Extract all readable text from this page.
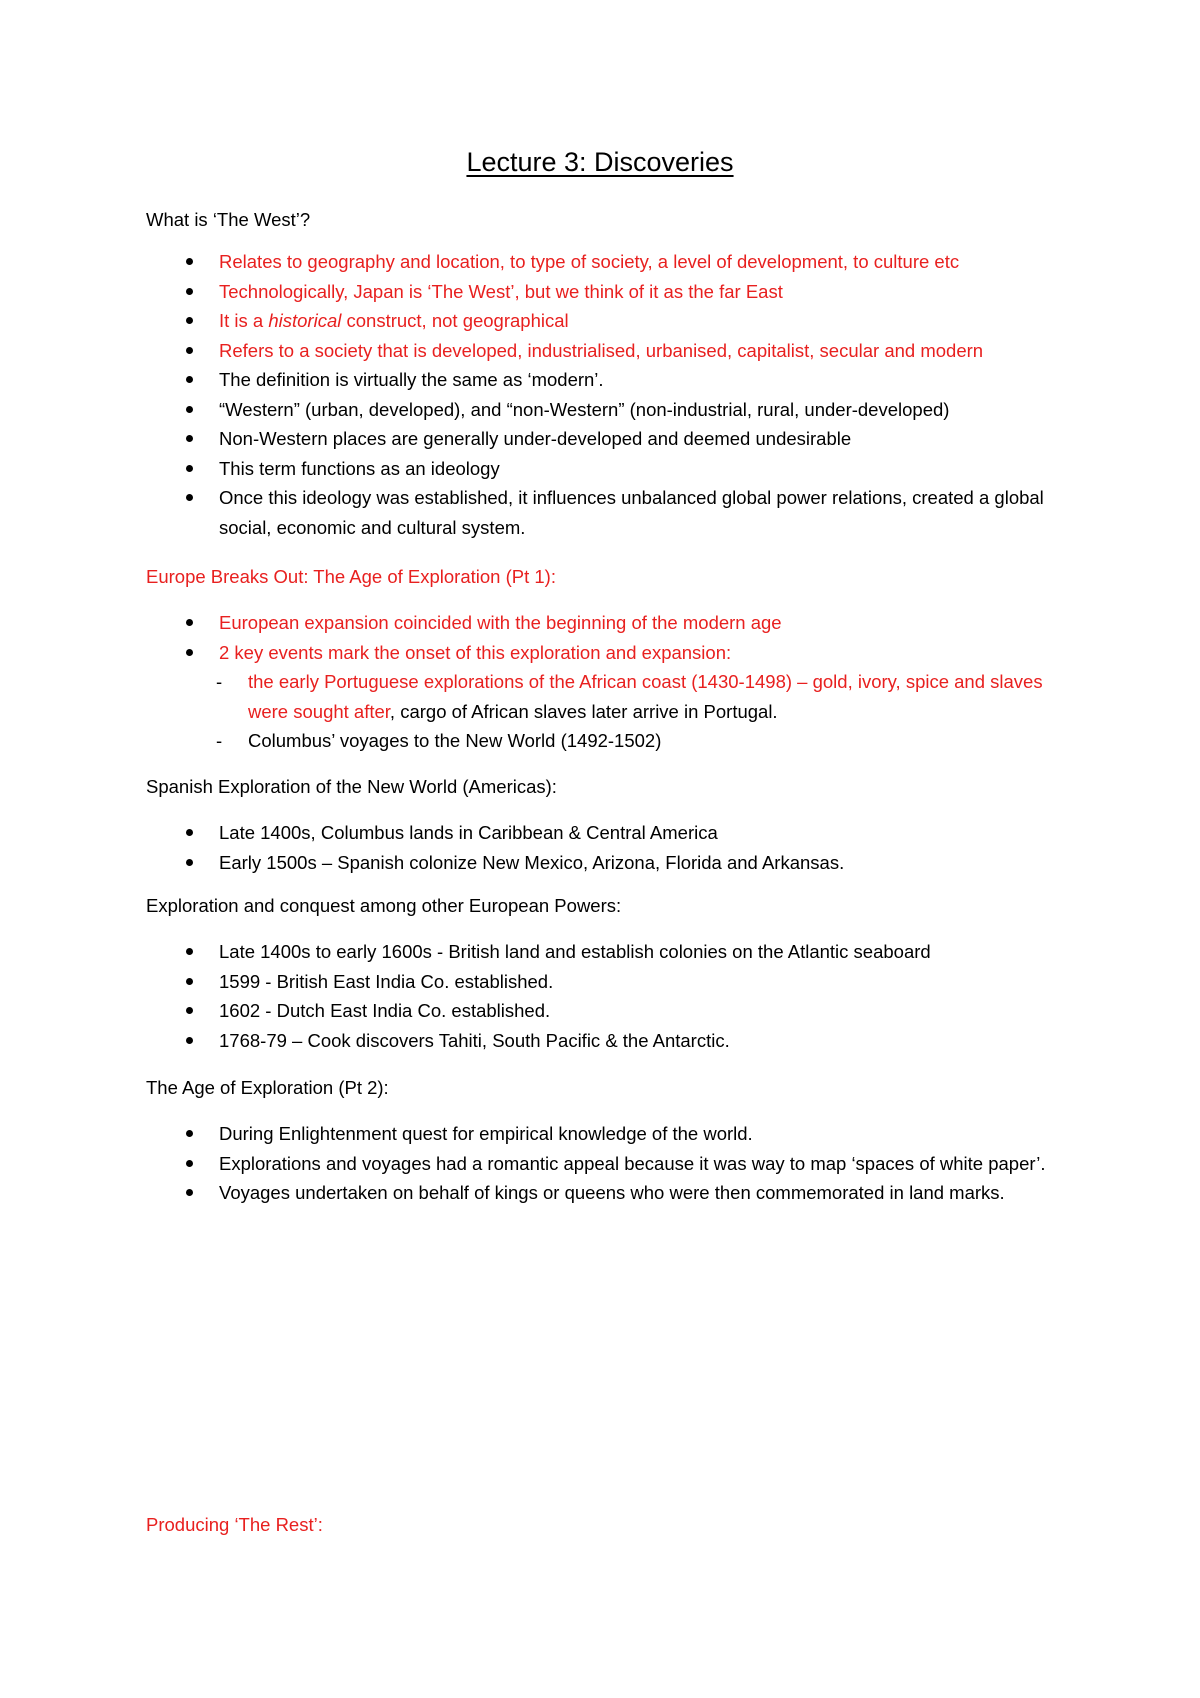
Lecture 3: Discoveries

What is ‘The West’?

Relates to geography and location, to type of society, a level of development, to culture etc
Technologically, Japan is ‘The West’, but we think of it as the far East
It is a historical construct, not geographical
Refers to a society that is developed, industrialised, urbanised, capitalist, secular and modern
The definition is virtually the same as ‘modern’.
“Western” (urban, developed), and “non-Western” (non-industrial, rural, under-developed)
Non-Western places are generally under-developed and deemed undesirable
This term functions as an ideology
Once this ideology was established, it influences unbalanced global power relations, created a global social, economic and cultural system.

Europe Breaks Out: The Age of Exploration (Pt 1):

European expansion coincided with the beginning of the modern age
2 key events mark the onset of this exploration and expansion:
- the early Portuguese explorations of the African coast (1430-1498) – gold, ivory, spice and slaves were sought after, cargo of African slaves later arrive in Portugal.
- Columbus’ voyages to the New World (1492-1502)

Spanish Exploration of the New World (Americas):

Late 1400s, Columbus lands in Caribbean & Central America
Early 1500s – Spanish colonize New Mexico, Arizona, Florida and Arkansas.

Exploration and conquest among other European Powers:

Late 1400s to early 1600s - British land and establish colonies on the Atlantic seaboard
1599 - British East India Co. established.
1602 - Dutch East India Co. established.
1768-79 – Cook discovers Tahiti, South Pacific & the Antarctic.

The Age of Exploration (Pt 2):

During Enlightenment quest for empirical knowledge of the world.
Explorations and voyages had a romantic appeal because it was way to map ‘spaces of white paper’.
Voyages undertaken on behalf of kings or queens who were then commemorated in land marks.

Producing ‘The Rest’:
